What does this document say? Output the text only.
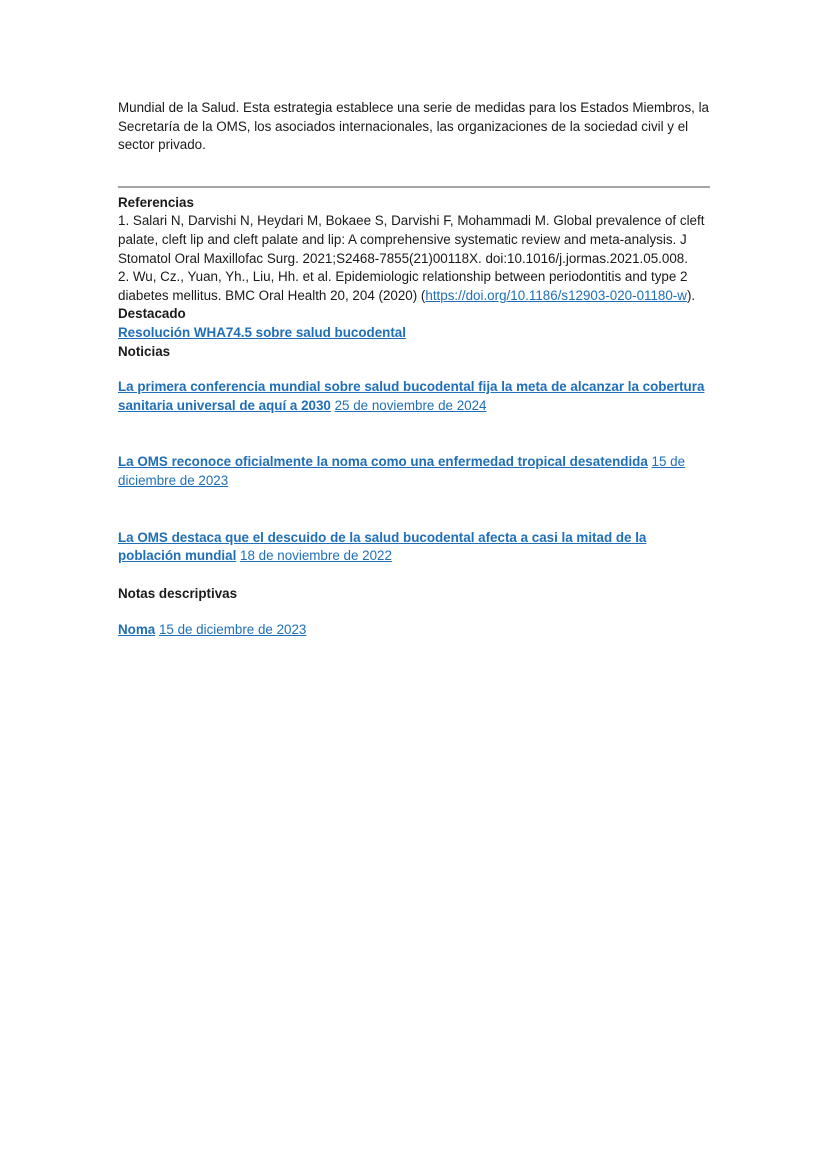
Mundial de la Salud. Esta estrategia establece una serie de medidas para los Estados Miembros, la Secretaría de la OMS, los asociados internacionales, las organizaciones de la sociedad civil y el sector privado.

Referencias

1. Salari N, Darvishi N, Heydari M, Bokaee S, Darvishi F, Mohammadi M. Global prevalence of cleft palate, cleft lip and cleft palate and lip: A comprehensive systematic review and meta-analysis. J Stomatol Oral Maxillofac Surg. 2021;S2468-7855(21)00118X. doi:10.1016/j.jormas.2021.05.008.

2. Wu, Cz., Yuan, Yh., Liu, Hh. et al. Epidemiologic relationship between periodontitis and type 2 diabetes mellitus. BMC Oral Health 20, 204 (2020) (https://doi.org/10.1186/s12903-020-01180-w).

Destacado

Resolución WHA74.5 sobre salud bucodental

Noticias

La primera conferencia mundial sobre salud bucodental fija la meta de alcanzar la cobertura sanitaria universal de aquí a 2030 25 de noviembre de 2024

La OMS reconoce oficialmente la noma como una enfermedad tropical desatendida 15 de diciembre de 2023

La OMS destaca que el descuido de la salud bucodental afecta a casi la mitad de la población mundial 18 de noviembre de 2022

Notas descriptivas

Noma 15 de diciembre de 2023
